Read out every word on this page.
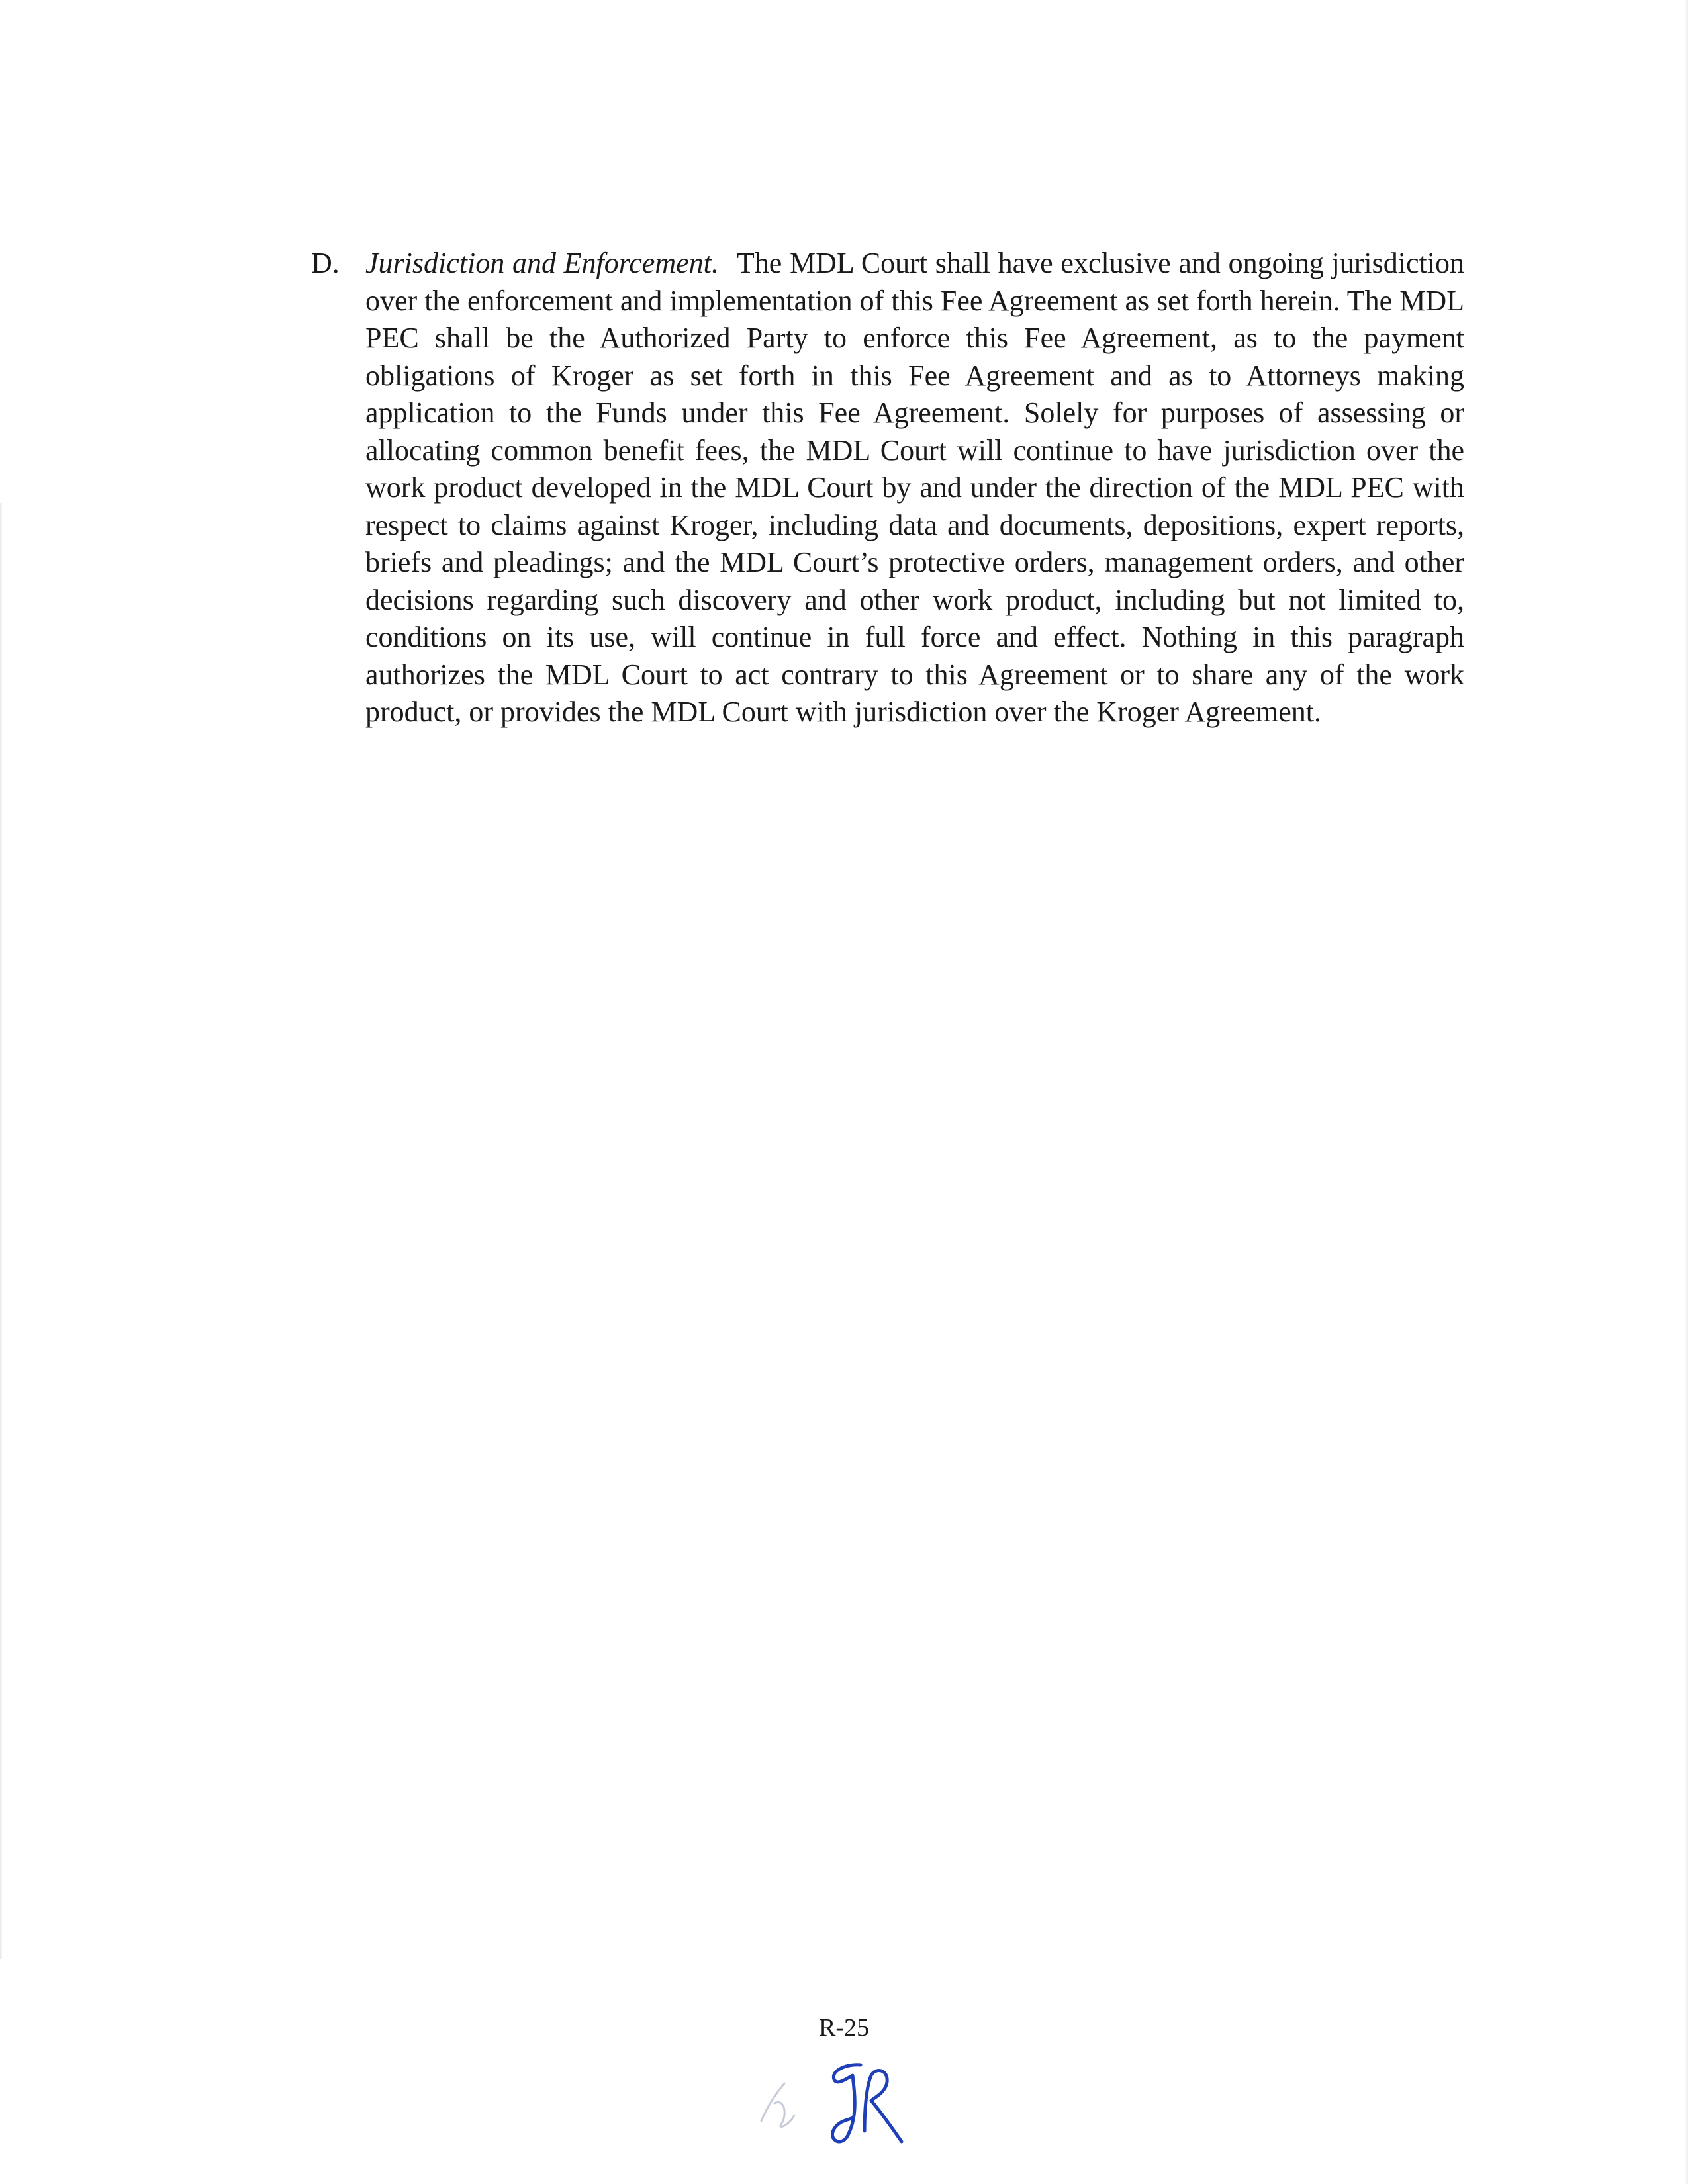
D. Jurisdiction and Enforcement. The MDL Court shall have exclusive and ongoing jurisdiction over the enforcement and implementation of this Fee Agreement as set forth herein. The MDL PEC shall be the Authorized Party to enforce this Fee Agreement, as to the payment obligations of Kroger as set forth in this Fee Agreement and as to Attorneys making application to the Funds under this Fee Agreement. Solely for purposes of assessing or allocating common benefit fees, the MDL Court will continue to have jurisdiction over the work product developed in the MDL Court by and under the direction of the MDL PEC with respect to claims against Kroger, including data and documents, depositions, expert reports, briefs and pleadings; and the MDL Court’s protective orders, management orders, and other decisions regarding such discovery and other work product, including but not limited to, conditions on its use, will continue in full force and effect. Nothing in this paragraph authorizes the MDL Court to act contrary to this Agreement or to share any of the work product, or provides the MDL Court with jurisdiction over the Kroger Agreement.

R-25
